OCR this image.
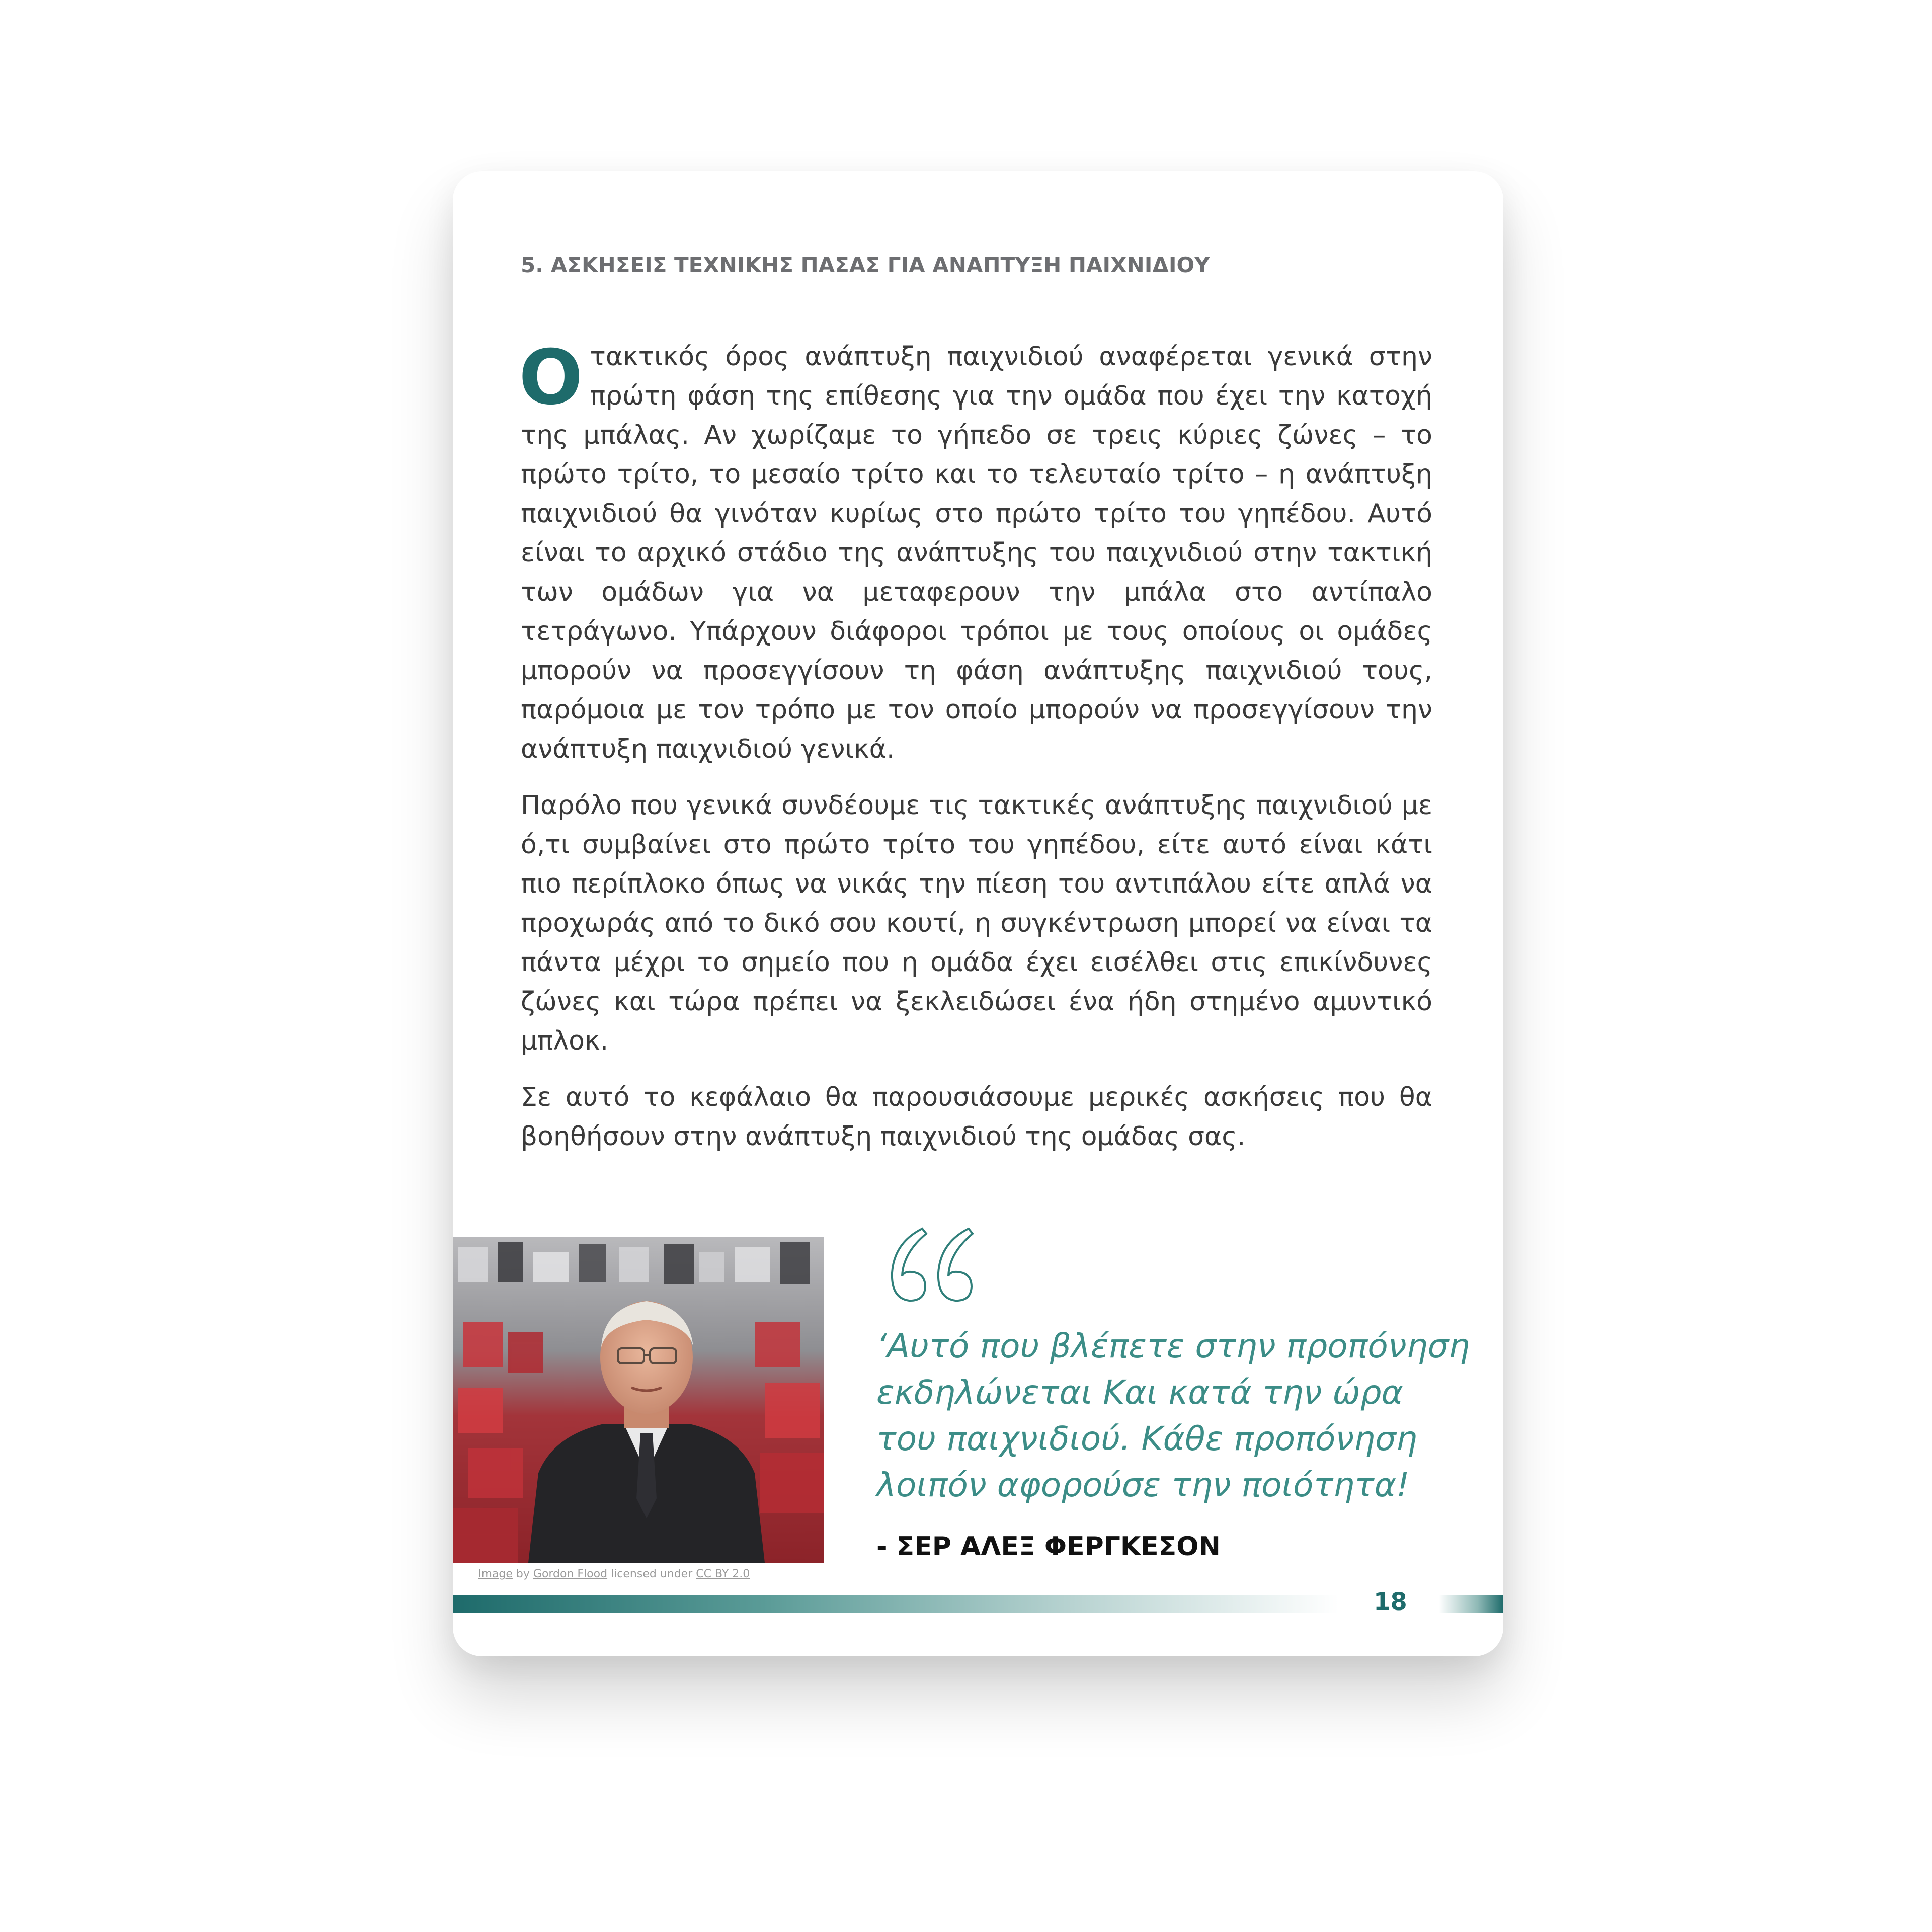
5. ΑΣΚΗΣΕΙΣ ΤΕΧΝΙΚΗΣ ΠΑΣΑΣ ΓΙΑ ΑΝΑΠΤΥΞΗ ΠΑΙΧΝΙΔΙΟΥ

Οτακτικός όρος ανάπτυξη παιχνιδιού αναφέρεται γενικά στην πρώτη φάση της επίθεσης για την ομάδα που έχει την κατοχή της μπάλας. Αν χωρίζαμε το γήπεδο σε τρεις κύριες ζώνες – το πρώτο τρίτο, το μεσαίο τρίτο και το τελευταίο τρίτο – η ανάπτυξη παιχνιδιού θα γινόταν κυρίως στο πρώτο τρίτο του γηπέδου. Αυτό είναι το αρχικό στάδιο της ανάπτυξης του παιχνιδιού στην τακτική των ομάδων για να μεταφερουν την μπάλα στο αντίπαλο τετράγωνο. Υπάρχουν διάφοροι τρόποι με τους οποίους οι ομάδες μπορούν να προσεγγίσουν τη φάση ανάπτυξης παιχνιδιού τους, παρόμοια με τον τρόπο με τον οποίο μπορούν να προσεγγίσουν την ανάπτυξη παιχνιδιού γενικά.

Παρόλο που γενικά συνδέουμε τις τακτικές ανάπτυξης παιχνιδιού με ό,τι συμβαίνει στο πρώτο τρίτο του γηπέδου, είτε αυτό είναι κάτι πιο περίπλοκο όπως να νικάς την πίεση του αντιπάλου είτε απλά να προχωράς από το δικό σου κουτί, η συγκέντρωση μπορεί να είναι τα πάντα μέχρι το σημείο που η ομάδα έχει εισέλθει στις επικίνδυνες ζώνες και τώρα πρέπει να ξεκλειδώσει ένα ήδη στημένο αμυντικό μπλοκ.

Σε αυτό το κεφάλαιο θα παρουσιάσουμε μερικές ασκήσεις που θα βοηθήσουν στην ανάπτυξη παιχνιδιού της ομάδας σας.

Image by Gordon Flood licensed under CC BY 2.0
‘Αυτό που βλέπετε στην προπόνηση εκδηλώνεται Και κατά την ώρα του παιχνιδιού. Κάθε προπόνηση λοιπόν αφορούσε την ποιότητα!
- ΣΕΡ ΑΛΕΞ ΦΕΡΓΚΕΣΟΝ
18
